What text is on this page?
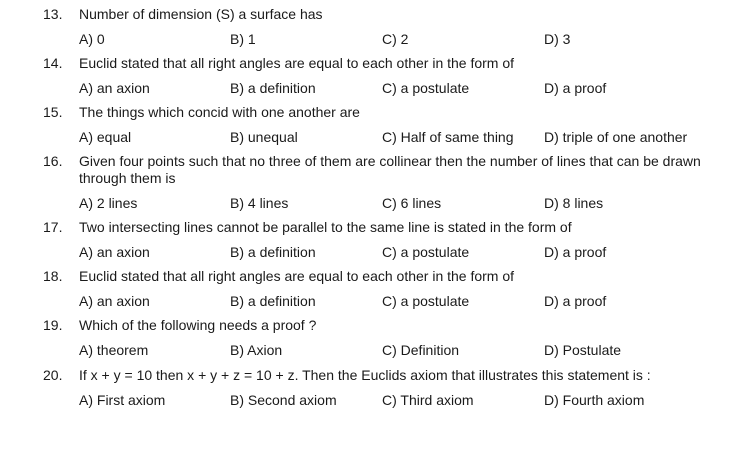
13. Number of dimension (S) a surface has
A) 0	B) 1	C) 2	D) 3
14. Euclid stated that all right angles are equal to each other in the form of
A) an axion	B) a definition	C) a postulate	D) a proof
15. The things which concid with one another are
A) equal	B) unequal	C) Half of same thing D) triple of one another
16. Given four points such that no three of them are collinear then the number of lines that can be drawn through them is
A) 2 lines	B) 4 lines	C) 6 lines	D) 8 lines
17. Two intersecting lines cannot be parallel to the same line is stated in the form of
A) an axion	B) a definition	C) a postulate	D) a proof
18. Euclid stated that all right angles are equal to each other in the form of
A) an axion	B) a definition	C) a postulate	D) a proof
19. Which of the following needs a proof ?
A) theorem	B) Axion	C) Definition	D) Postulate
20. If x + y = 10 then x + y + z = 10 + z. Then the Euclids axiom that illustrates this statement is :
A) First axiom	B) Second axiom	C) Third axiom	D) Fourth axiom
